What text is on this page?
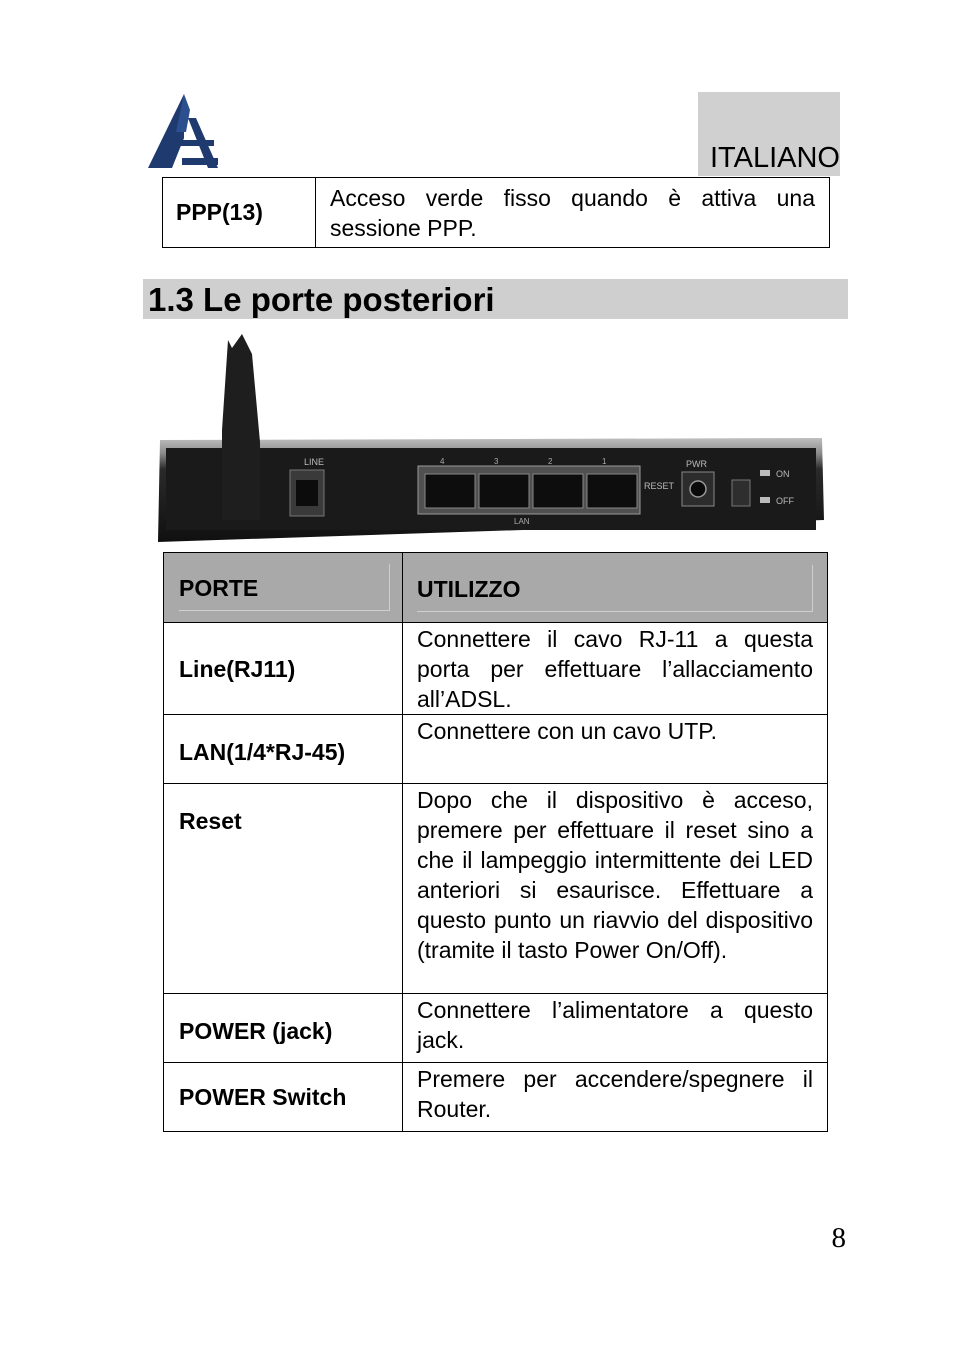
ITALIANO
PPP(13)	Acceso verde fisso quando è attiva una sessione PPP.
1.3 Le porte posteriori
LINE	4	3	2	1
LAN
RESET
PWR
ON
OFF
PORTE	UTILIZZO

Line(RJ11)	Connettere il cavo RJ-11 a questa porta per effettuare l’allacciamento all’ADSL.
LAN(1/4*RJ-45)	Connettere con un cavo UTP.
Reset	Dopo che il dispositivo è acceso, premere per effettuare il reset sino a che il lampeggio intermittente dei LED anteriori si esaurisce. Effettuare a questo punto un riavvio del dispositivo (tramite il tasto Power On/Off).
POWER (jack)	Connettere l’alimentatore a questo jack.
POWER Switch	Premere per accendere/spegnere il Router.
8
